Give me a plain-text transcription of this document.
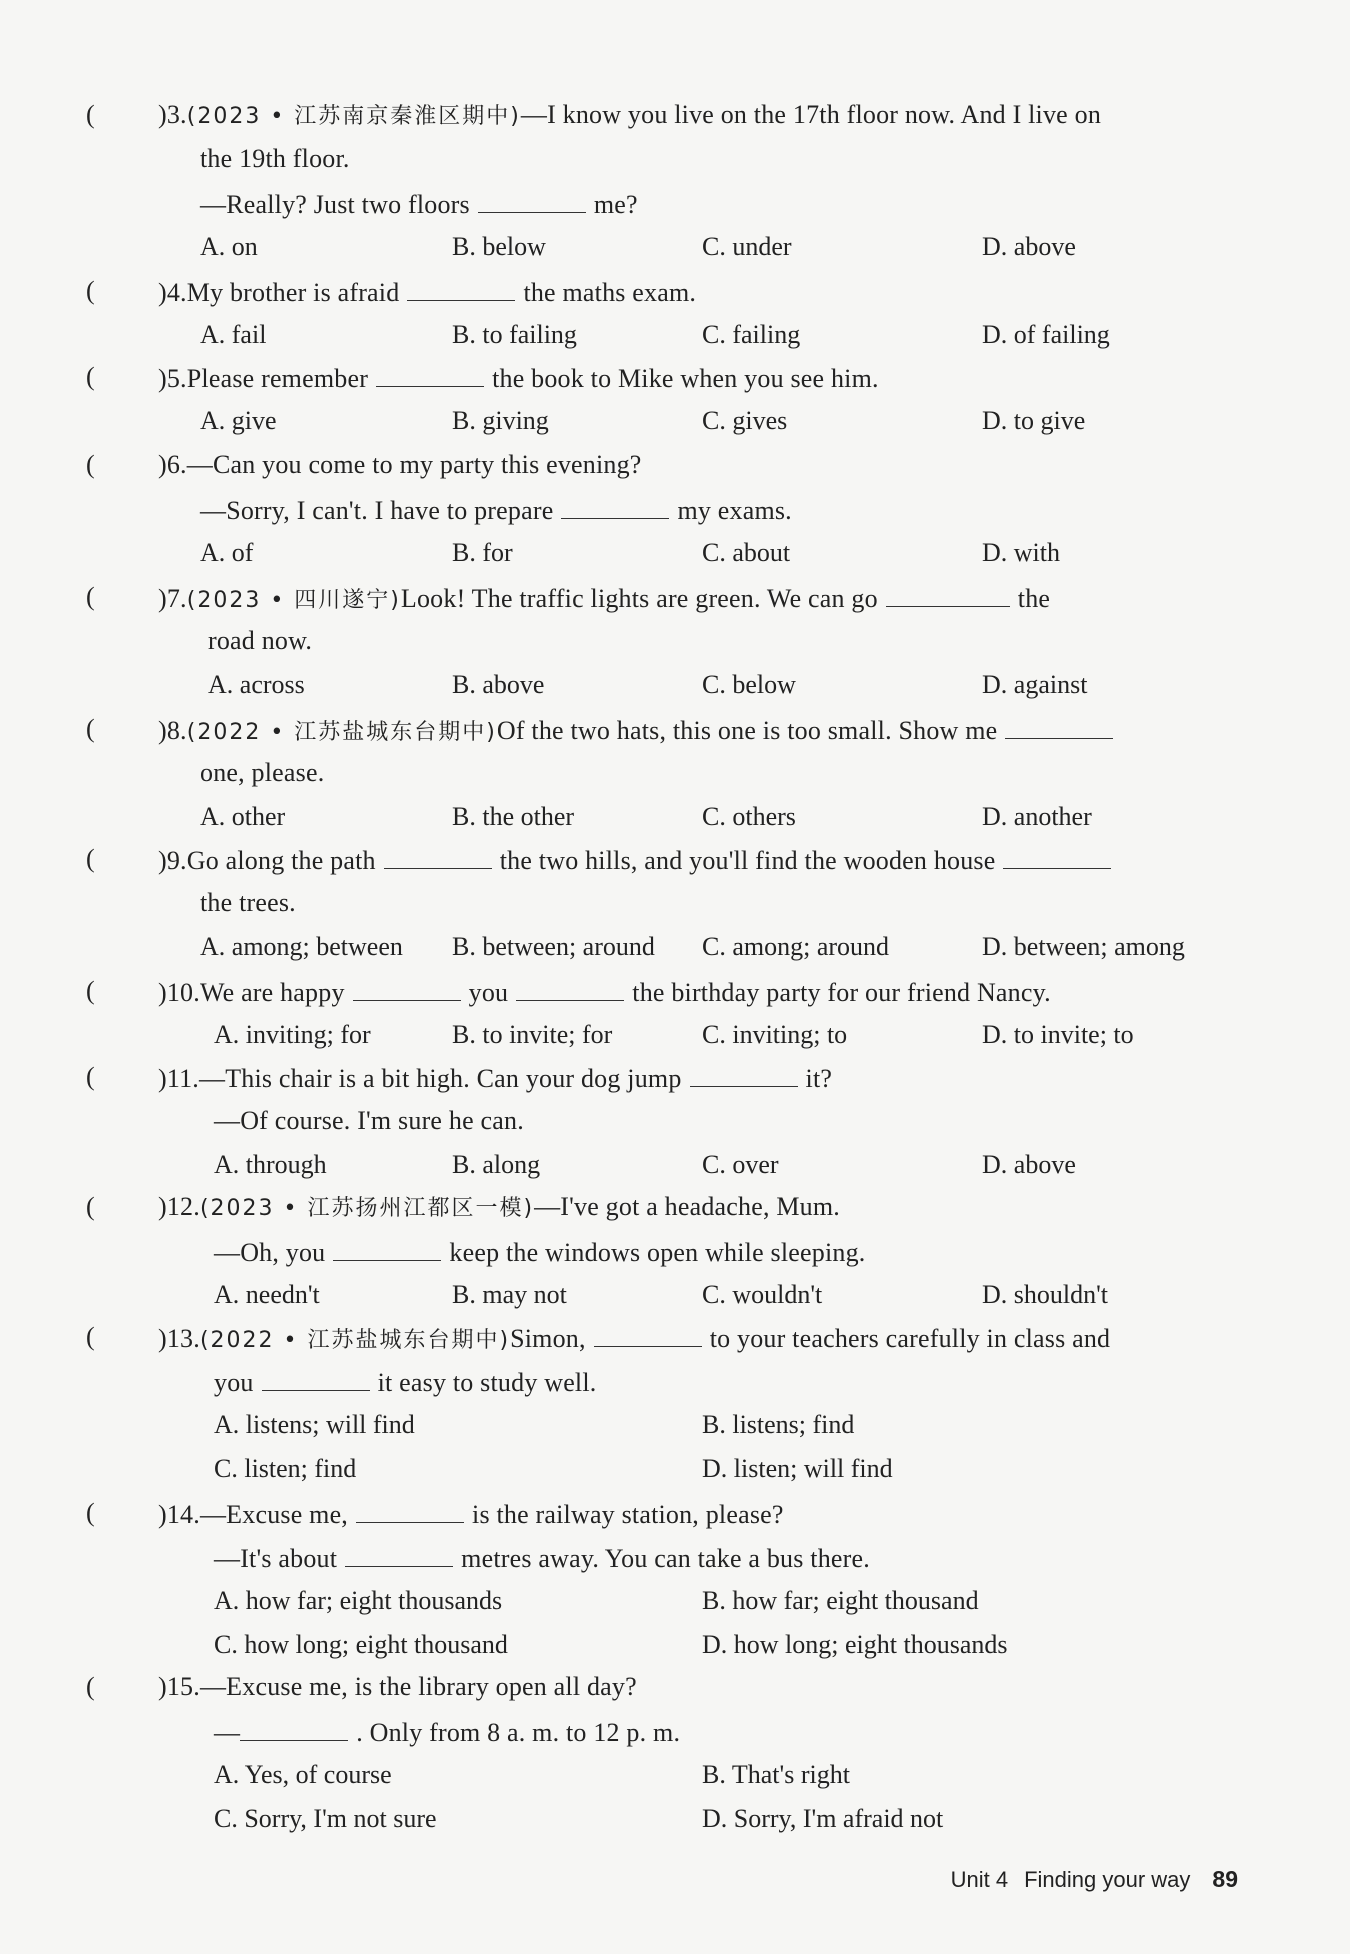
( )3.(2023 • 江苏南京秦淮区期中)—I know you live on the 17th floor now. And I live on
the 19th floor.
—Really? Just two floors	me?
A. on	B. below	C. under	D. above
( )4.My brother is afraid	the maths exam.
A. fail	B. to failing	C. failing	D. of failing
( )5.Please remember	the book to Mike when you see him.
A. give	B. giving	C. gives	D. to give
( )6.—Can you come to my party this evening?
—Sorry, I can't. I have to prepare	my exams.
A. of	B. for	C. about	D. with
( )7.(2023 • 四川遂宁)Look! The traffic lights are green. We can go	the
road now.
A. across	B. above	C. below	D. against
( )8.(2022 • 江苏盐城东台期中)Of the two hats, this one is too small. Show me
one, please.
A. other	B. the other	C. others	D. another
( )9.Go along the path	the two hills, and you'll find the wooden house
the trees.
A. among; between B. between; around C. among; around	D. between; among
( )10.We are happy	you	the birthday party for our friend Nancy.
A. inviting; for	B. to invite; for	C. inviting; to	D. to invite; to
( )11.—This chair is a bit high. Can your dog jump	it?
—Of course. I'm sure he can.
A. through	B. along	C. over	D. above
( )12.(2023 • 江苏扬州江都区一模)—I've got a headache, Mum.
—Oh, you	keep the windows open while sleeping.
A. needn't	B. may not	C. wouldn't	D. shouldn't
( )13.(2022 • 江苏盐城东台期中)Simon,	to your teachers carefully in class and
you	it easy to study well.
A. listens; will find	B. listens; find
C. listen; find	D. listen; will find
( )14.—Excuse me,	is the railway station, please?
—It's about	metres away. You can take a bus there.
A. how far; eight thousands	B. how far; eight thousand
C. how long; eight thousand	D. how long; eight thousands
( )15.—Excuse me, is the library open all day?
—	. Only from 8 a. m. to 12 p. m.
A. Yes, of course	B. That's right
C. Sorry, I'm not sure	D. Sorry, I'm afraid not
Unit 4 Finding your way 89
